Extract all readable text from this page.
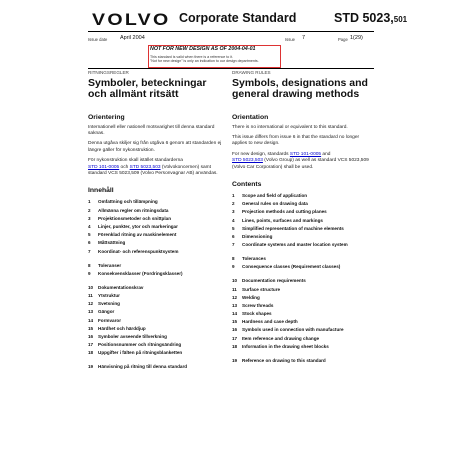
VOLVO Corporate Standard	STD 5023,501
Issue date April 2004	Issue 7	Page 1(29)
NOT FOR NEW DESIGN AS OF 2004-04-01
This standard is valid when there is a reference to it.
"Not for new design" is only an indication to our design departments.
RITNINGSREGLER
Symboler, beteckningar och allmänt ritsätt
Orientering
Internationell eller nationell motsvarighet till denna standard saknas.
Denna utgåva skiljer sig från utgåva 6 genom att standarden ej längre gäller för nykonstruktion.
För nykonstruktion skall istället standarderna
STD 101-0005 och STD 5023,503 (Volvokoncernen) samt standard VCS 5023,509 (Volvo Personvagnar AB) användas.
Innehåll
1	Omfattning och tillämpning
2	Allmänna regler om ritningsdata
3	Projektionsmetoder och snittplan
4	Linjer, punkter, ytor och markeringar
5	Förenklad ritning av maskinelement
6	Måttsättning
7	Koordinat- och referenspunktsystem
8	Toleranser
9	Konsekvensklasser (Fordringsklasser)
10	Dokumentationskrav
11	Ytstruktur
12	Svetsning
13	Gängor
14	Formvaror
15	Härdhet och härddjup
16	Symboler avseende tillverkning
17	Positionsnummer och ritningsändring
18	Uppgifter i fälten på ritningsblanketten
19	Hänvisning på ritning till denna standard
DRAWING RULES
Symbols, designations and general drawing methods
Orientation
There is no international or equivalent to this standard.
This issue differs from issue 6 in that the standard no longer applies to new design.
For new design, standards STD 101-0005 and
STD 5023,503 (Volvo Group) as well as standard VCS 5023,509 (Volvo Car Corporation) shall be used.
Contents
1	Scope and field of application
2	General rules on drawing data
3	Projection methods and cutting planes
4	Lines, points, surfaces and markings
5	Simplified representation of machine elements
6	Dimensioning
7	Coordinate systems and master location system
8	Tolerances
9	Consequence classes (Requirement classes)
10	Documentation requirements
11	Surface structure
12	Welding
13	Screw threads
14	Stock shapes
15	Hardness and case depth
16	Symbols used in connection with manufacture
17	Item reference and drawing change
18	Information in the drawing sheet blocks
19	Reference on drawing to this standard
